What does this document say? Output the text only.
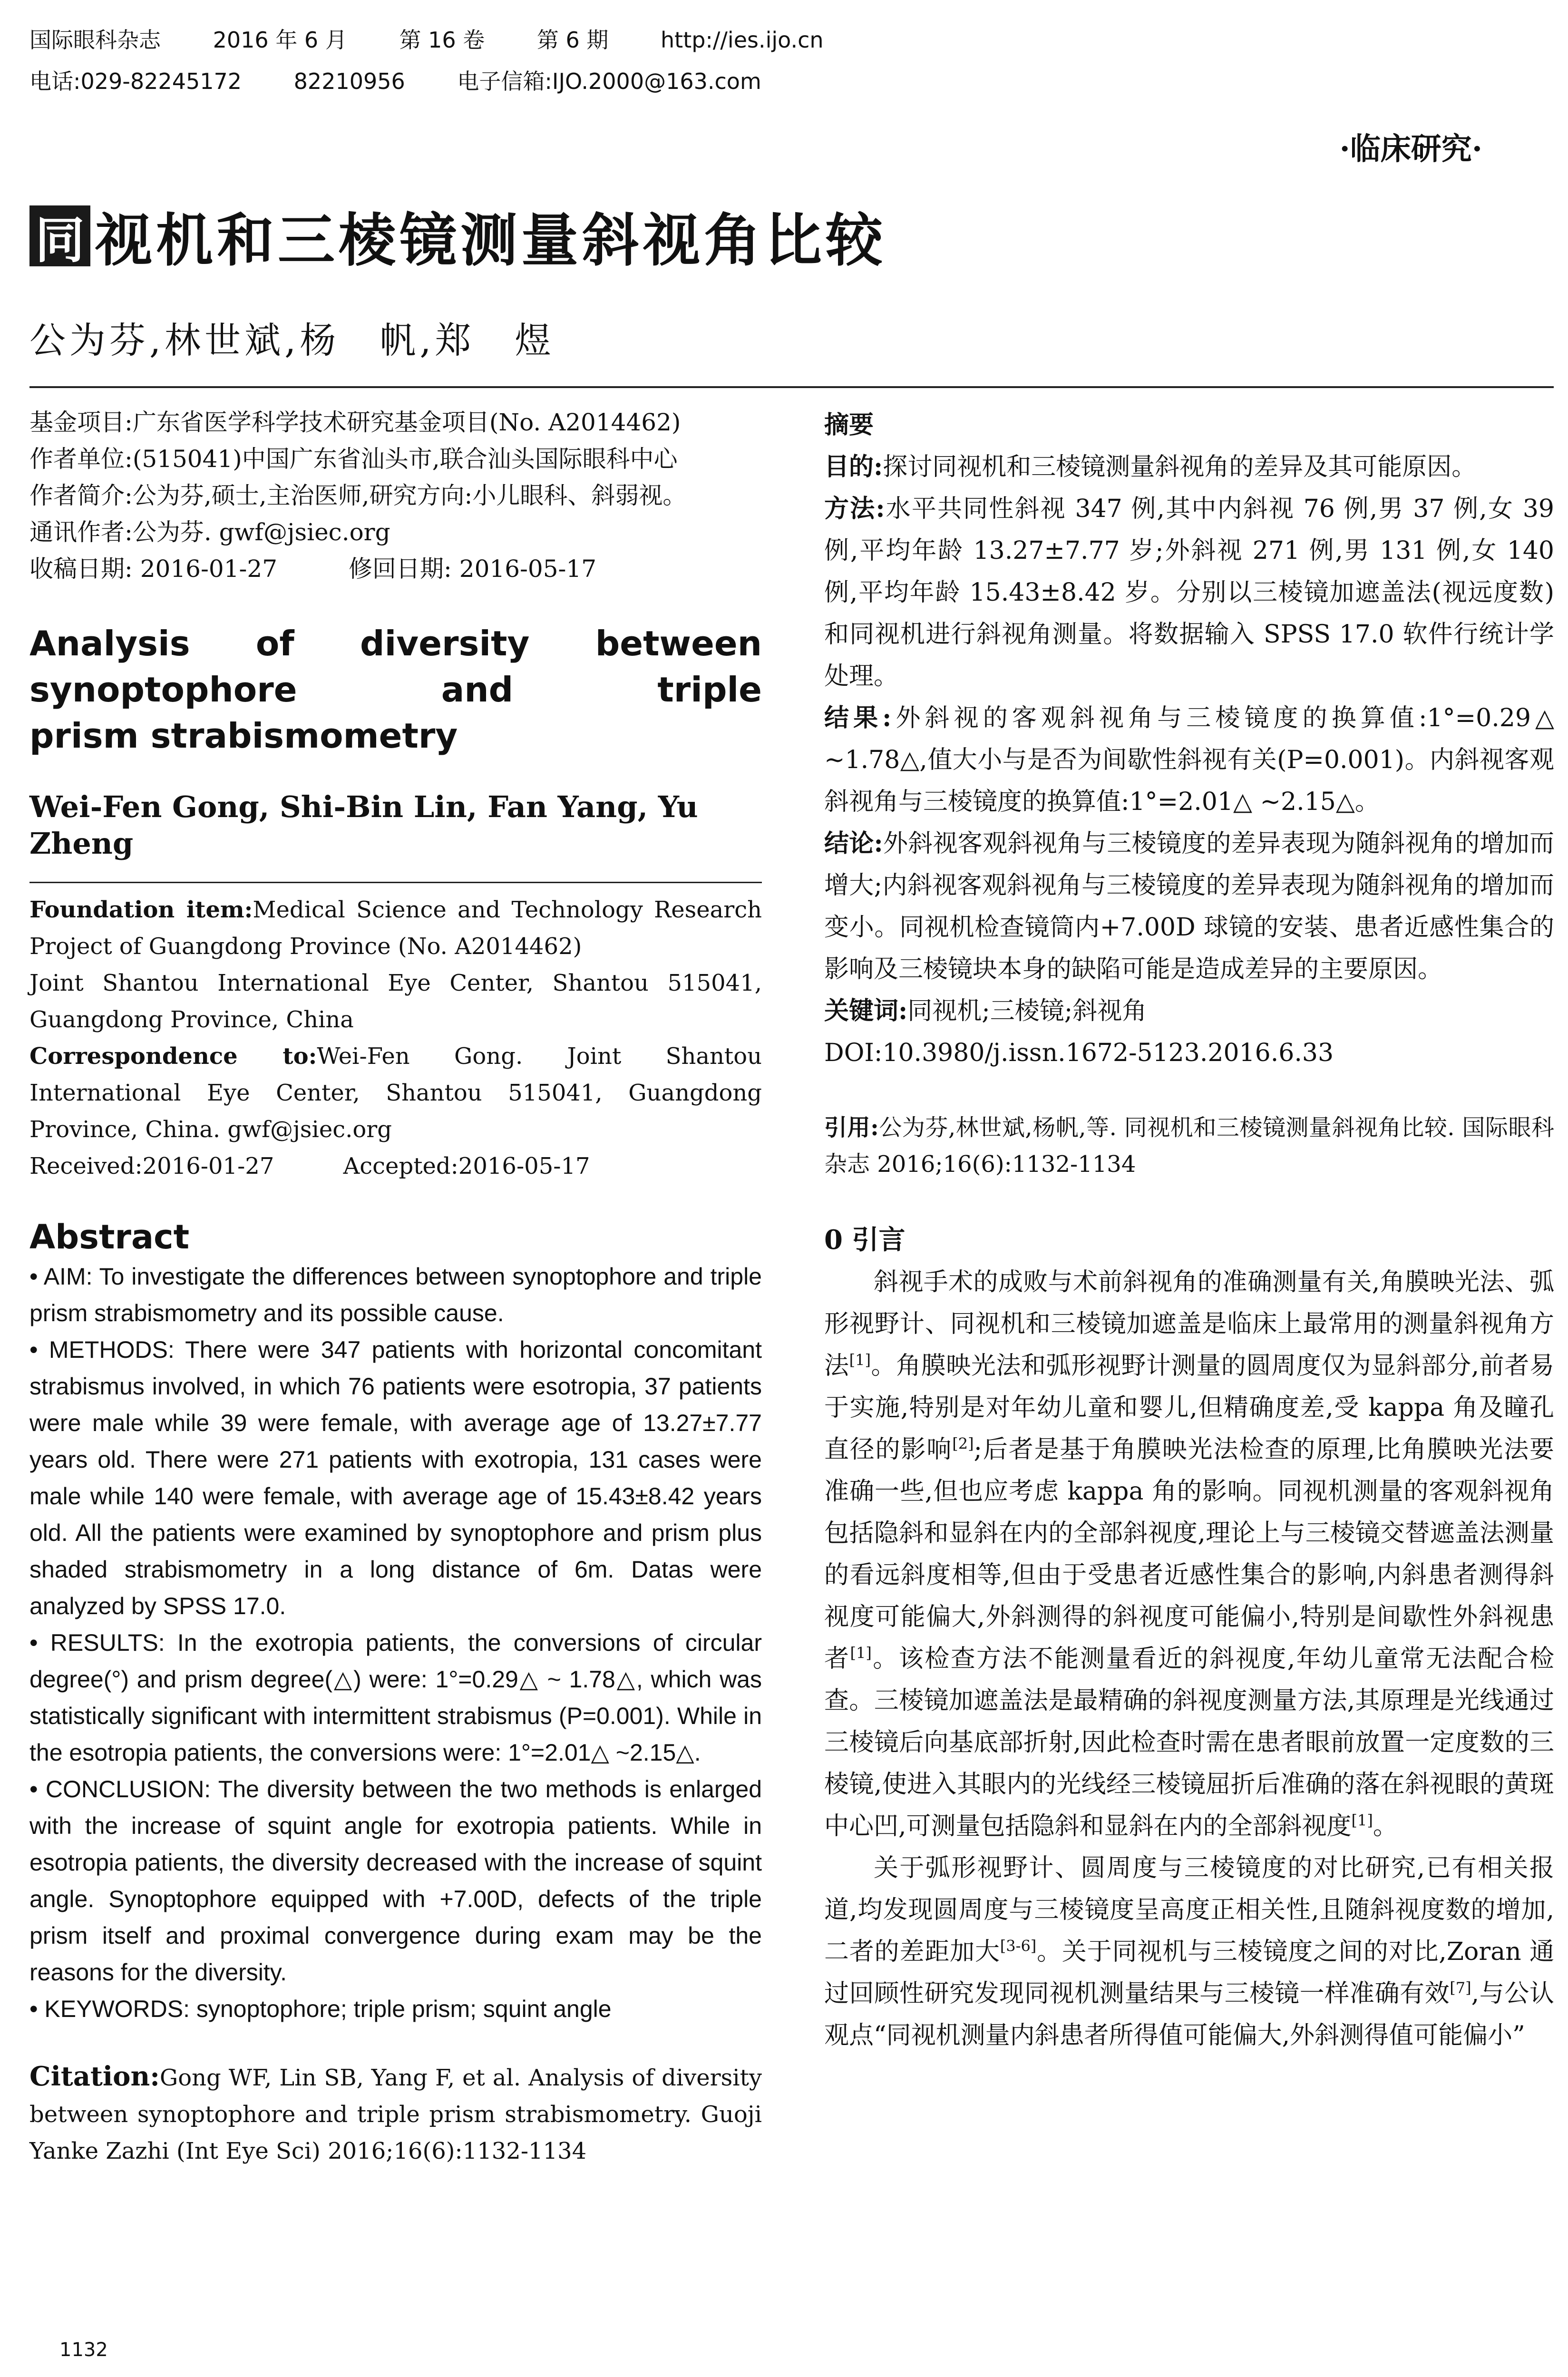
国际眼科杂志 2016 年 6 月 第 16 卷 第 6 期 http://ies.ijo.cn
电话:029-82245172 82210956 电子信箱:IJO.2000@163.com
·临床研究·
同 视机和三棱镜测量斜视角比较
公为芬,林世斌,杨　帆,郑　煜
基金项目:广东省医学科学技术研究基金项目(No. A2014462)
作者单位:(515041)中国广东省汕头市,联合汕头国际眼科中心
作者简介:公为芬,硕士,主治医师,研究方向:小儿眼科、斜弱视。
通讯作者:公为芬. gwf@jsiec.org
收稿日期: 2016-01-27　　　修回日期: 2016-05-17
Analysis of diversity between
synoptophore and triple
prism strabismometry
Wei-Fen Gong, Shi-Bin Lin, Fan Yang, Yu Zheng
Foundation item:Medical Science and Technology Research Project of Guangdong Province (No. A2014462)
Joint Shantou International Eye Center, Shantou 515041, Guangdong Province, China
Correspondence to:Wei-Fen Gong. Joint Shantou International Eye Center, Shantou 515041, Guangdong Province, China. gwf@jsiec.org
Received:2016-01-27	Accepted:2016-05-17
Abstract
• AIM: To investigate the differences between synoptophore and triple prism strabismometry and its possible cause.
• METHODS: There were 347 patients with horizontal concomitant strabismus involved, in which 76 patients were esotropia, 37 patients were male while 39 were female, with average age of 13.27±7.77 years old. There were 271 patients with exotropia, 131 cases were male while 140 were female, with average age of 15.43±8.42 years old. All the patients were examined by synoptophore and prism plus shaded strabismometry in a long distance of 6m. Datas were analyzed by SPSS 17.0.
• RESULTS: In the exotropia patients, the conversions of circular degree(°) and prism degree(△) were: 1°=0.29△ ~ 1.78△, which was statistically significant with intermittent strabismus (P=0.001). While in the esotropia patients, the conversions were: 1°=2.01△ ~2.15△.
• CONCLUSION: The diversity between the two methods is enlarged with the increase of squint angle for exotropia patients. While in esotropia patients, the diversity decreased with the increase of squint angle. Synoptophore equipped with +7.00D, defects of the triple prism itself and proximal convergence during exam may be the reasons for the diversity.
• KEYWORDS: synoptophore; triple prism; squint angle
Citation:Gong WF, Lin SB, Yang F, et al. Analysis of diversity between synoptophore and triple prism strabismometry. Guoji Yanke Zazhi (Int Eye Sci) 2016;16(6):1132-1134
摘要
目的:探讨同视机和三棱镜测量斜视角的差异及其可能原因。
方法:水平共同性斜视 347 例,其中内斜视 76 例,男 37 例,女 39 例,平均年龄 13.27±7.77 岁;外斜视 271 例,男 131 例,女 140 例,平均年龄 15.43±8.42 岁。分别以三棱镜加遮盖法(视远度数)和同视机进行斜视角测量。将数据输入 SPSS 17.0 软件行统计学处理。
结果:外斜视的客观斜视角与三棱镜度的换算值:1°=0.29△ ~1.78△,值大小与是否为间歇性斜视有关(P=0.001)。内斜视客观斜视角与三棱镜度的换算值:1°=2.01△ ~2.15△。
结论:外斜视客观斜视角与三棱镜度的差异表现为随斜视角的增加而增大;内斜视客观斜视角与三棱镜度的差异表现为随斜视角的增加而变小。同视机检查镜筒内+7.00D 球镜的安装、患者近感性集合的影响及三棱镜块本身的缺陷可能是造成差异的主要原因。
关键词:同视机;三棱镜;斜视角
DOI:10.3980/j.issn.1672-5123.2016.6.33
引用:公为芬,林世斌,杨帆,等. 同视机和三棱镜测量斜视角比较. 国际眼科杂志 2016;16(6):1132-1134
0 引言
斜视手术的成败与术前斜视角的准确测量有关,角膜映光法、弧形视野计、同视机和三棱镜加遮盖是临床上最常用的测量斜视角方法[1]。角膜映光法和弧形视野计测量的圆周度仅为显斜部分,前者易于实施,特别是对年幼儿童和婴儿,但精确度差,受 kappa 角及瞳孔直径的影响[2];后者是基于角膜映光法检查的原理,比角膜映光法要准确一些,但也应考虑 kappa 角的影响。同视机测量的客观斜视角包括隐斜和显斜在内的全部斜视度,理论上与三棱镜交替遮盖法测量的看远斜度相等,但由于受患者近感性集合的影响,内斜患者测得斜视度可能偏大,外斜测得的斜视度可能偏小,特别是间歇性外斜视患者[1]。该检查方法不能测量看近的斜视度,年幼儿童常无法配合检查。三棱镜加遮盖法是最精确的斜视度测量方法,其原理是光线通过三棱镜后向基底部折射,因此检查时需在患者眼前放置一定度数的三棱镜,使进入其眼内的光线经三棱镜屈折后准确的落在斜视眼的黄斑中心凹,可测量包括隐斜和显斜在内的全部斜视度[1]。
关于弧形视野计、圆周度与三棱镜度的对比研究,已有相关报道,均发现圆周度与三棱镜度呈高度正相关性,且随斜视度数的增加,二者的差距加大[3-6]。关于同视机与三棱镜度之间的对比,Zoran 通过回顾性研究发现同视机测量结果与三棱镜一样准确有效[7],与公认观点“同视机测量内斜患者所得值可能偏大,外斜测得值可能偏小”
1132
